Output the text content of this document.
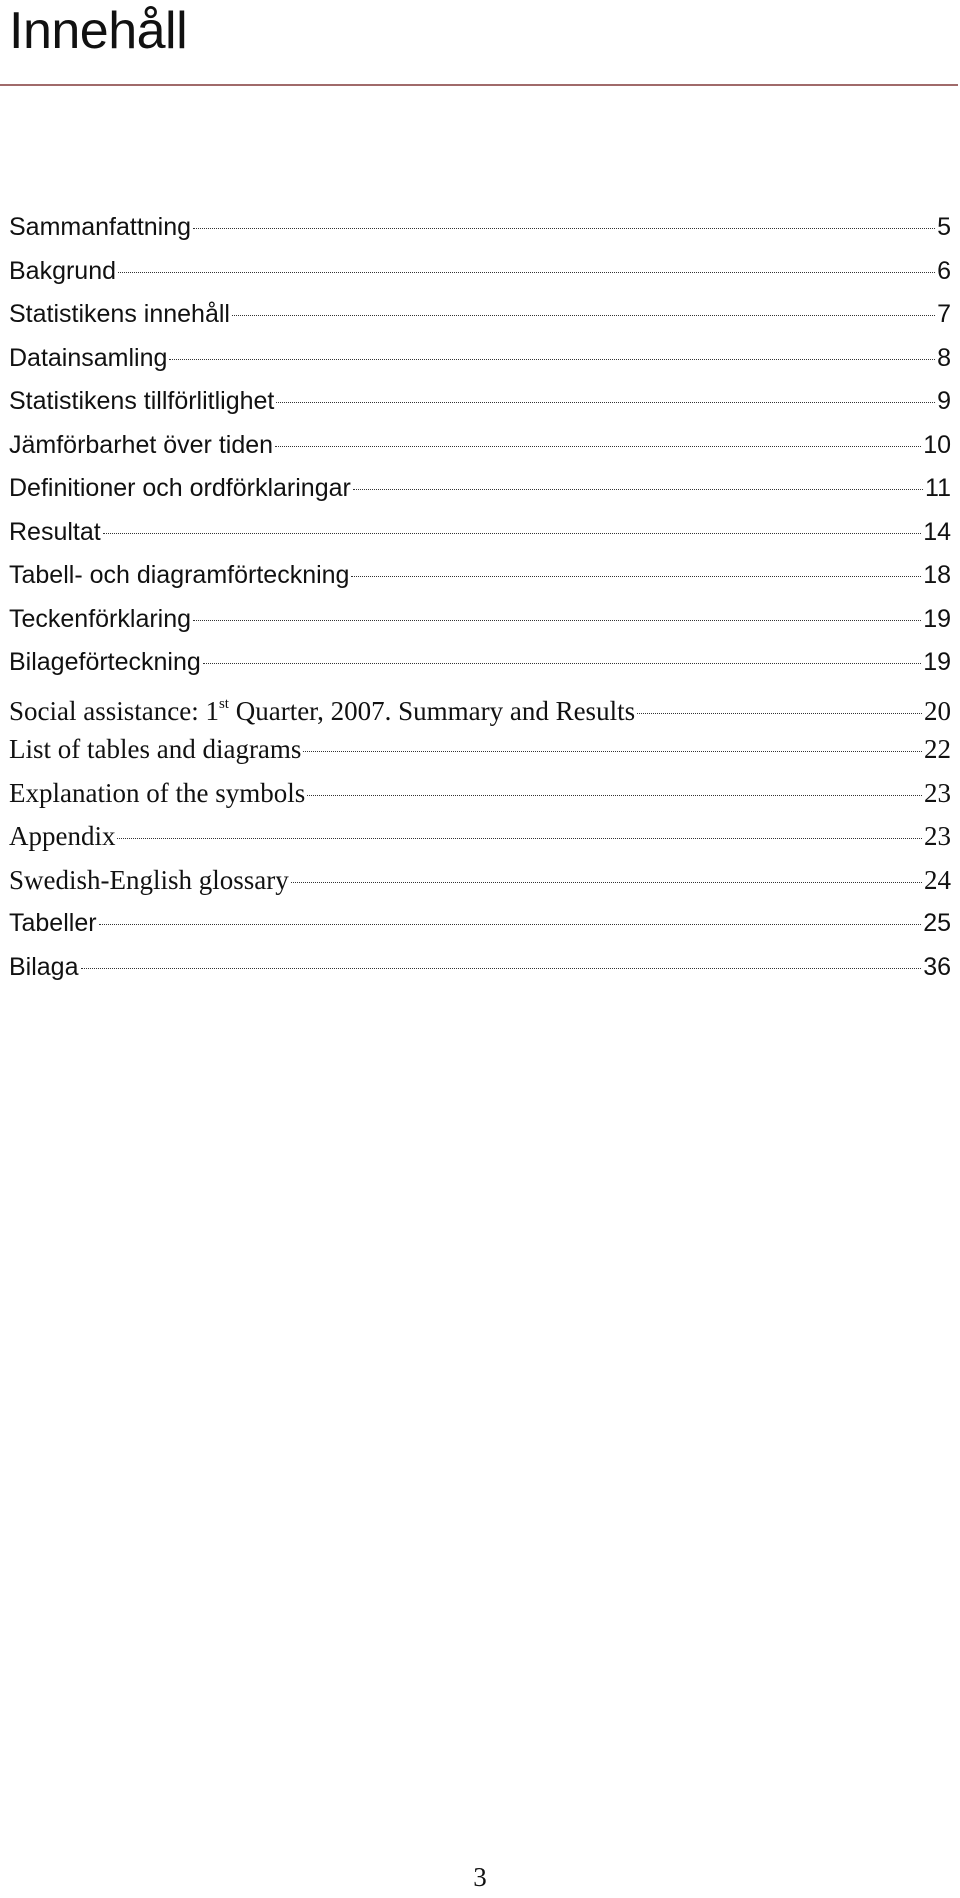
Innehåll
Sammanfattning	5
Bakgrund	6
Statistikens innehåll	7
Datainsamling	8
Statistikens tillförlitlighet	9
Jämförbarhet över tiden	10
Definitioner och ordförklaringar	11
Resultat	14
Tabell- och diagramförteckning	18
Teckenförklaring	19
Bilageförteckning	19
Social assistance: 1st Quarter, 2007. Summary and Results	20
List of tables and diagrams	22
Explanation of the symbols	23
Appendix	23
Swedish-English glossary	24
Tabeller	25
Bilaga	36
3
